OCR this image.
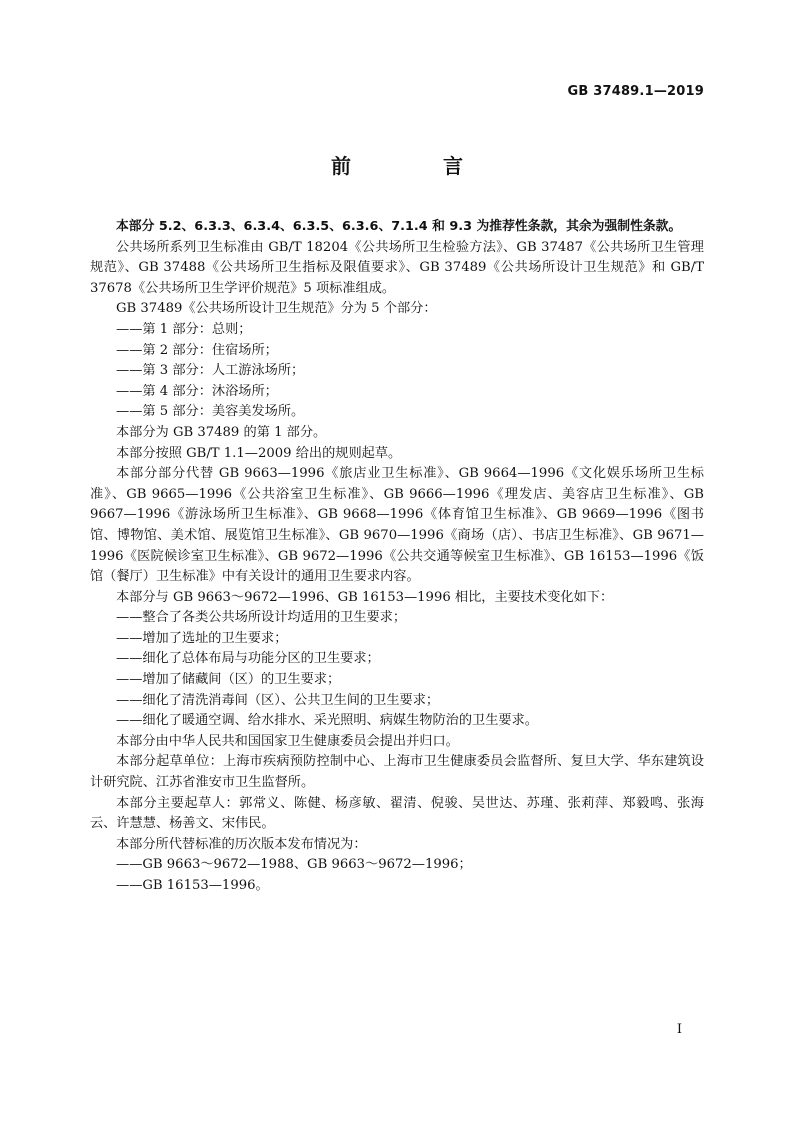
GB 37489.1—2019
前　言

本部分 5.2、6.3.3、6.3.4、6.3.5、6.3.6、7.1.4 和 9.3 为推荐性条款，其余为强制性条款。

公共场所系列卫生标准由 GB/T 18204《公共场所卫生检验方法》、GB 37487《公共场所卫生管理规范》、GB 37488《公共场所卫生指标及限值要求》、GB 37489《公共场所设计卫生规范》和 GB/T 37678《公共场所卫生学评价规范》5 项标准组成。

GB 37489《公共场所设计卫生规范》分为 5 个部分：

——第 1 部分：总则；

——第 2 部分：住宿场所；

——第 3 部分：人工游泳场所；

——第 4 部分：沐浴场所；

——第 5 部分：美容美发场所。

本部分为 GB 37489 的第 1 部分。

本部分按照 GB/T 1.1—2009 给出的规则起草。

本部分部分代替 GB 9663—1996《旅店业卫生标准》、GB 9664—1996《文化娱乐场所卫生标准》、GB 9665—1996《公共浴室卫生标准》、GB 9666—1996《理发店、美容店卫生标准》、GB 9667—1996《游泳场所卫生标准》、GB 9668—1996《体育馆卫生标准》、GB 9669—1996《图书馆、博物馆、美术馆、展览馆卫生标准》、GB 9670—1996《商场（店）、书店卫生标准》、GB 9671—1996《医院候诊室卫生标准》、GB 9672—1996《公共交通等候室卫生标准》、GB 16153—1996《饭馆（餐厅）卫生标准》中有关设计的通用卫生要求内容。

本部分与 GB 9663～9672—1996、GB 16153—1996 相比，主要技术变化如下：

——整合了各类公共场所设计均适用的卫生要求；

——增加了选址的卫生要求；

——细化了总体布局与功能分区的卫生要求；

——增加了储藏间（区）的卫生要求；

——细化了清洗消毒间（区）、公共卫生间的卫生要求；

——细化了暖通空调、给水排水、采光照明、病媒生物防治的卫生要求。

本部分由中华人民共和国国家卫生健康委员会提出并归口。

本部分起草单位：上海市疾病预防控制中心、上海市卫生健康委员会监督所、复旦大学、华东建筑设计研究院、江苏省淮安市卫生监督所。

本部分主要起草人：郭常义、陈健、杨彦敏、翟清、倪骏、吴世达、苏瑾、张莉萍、郑毅鸣、张海云、许慧慧、杨善文、宋伟民。

本部分所代替标准的历次版本发布情况为：

——GB 9663～9672—1988、GB 9663～9672—1996；

——GB 16153—1996。

I
